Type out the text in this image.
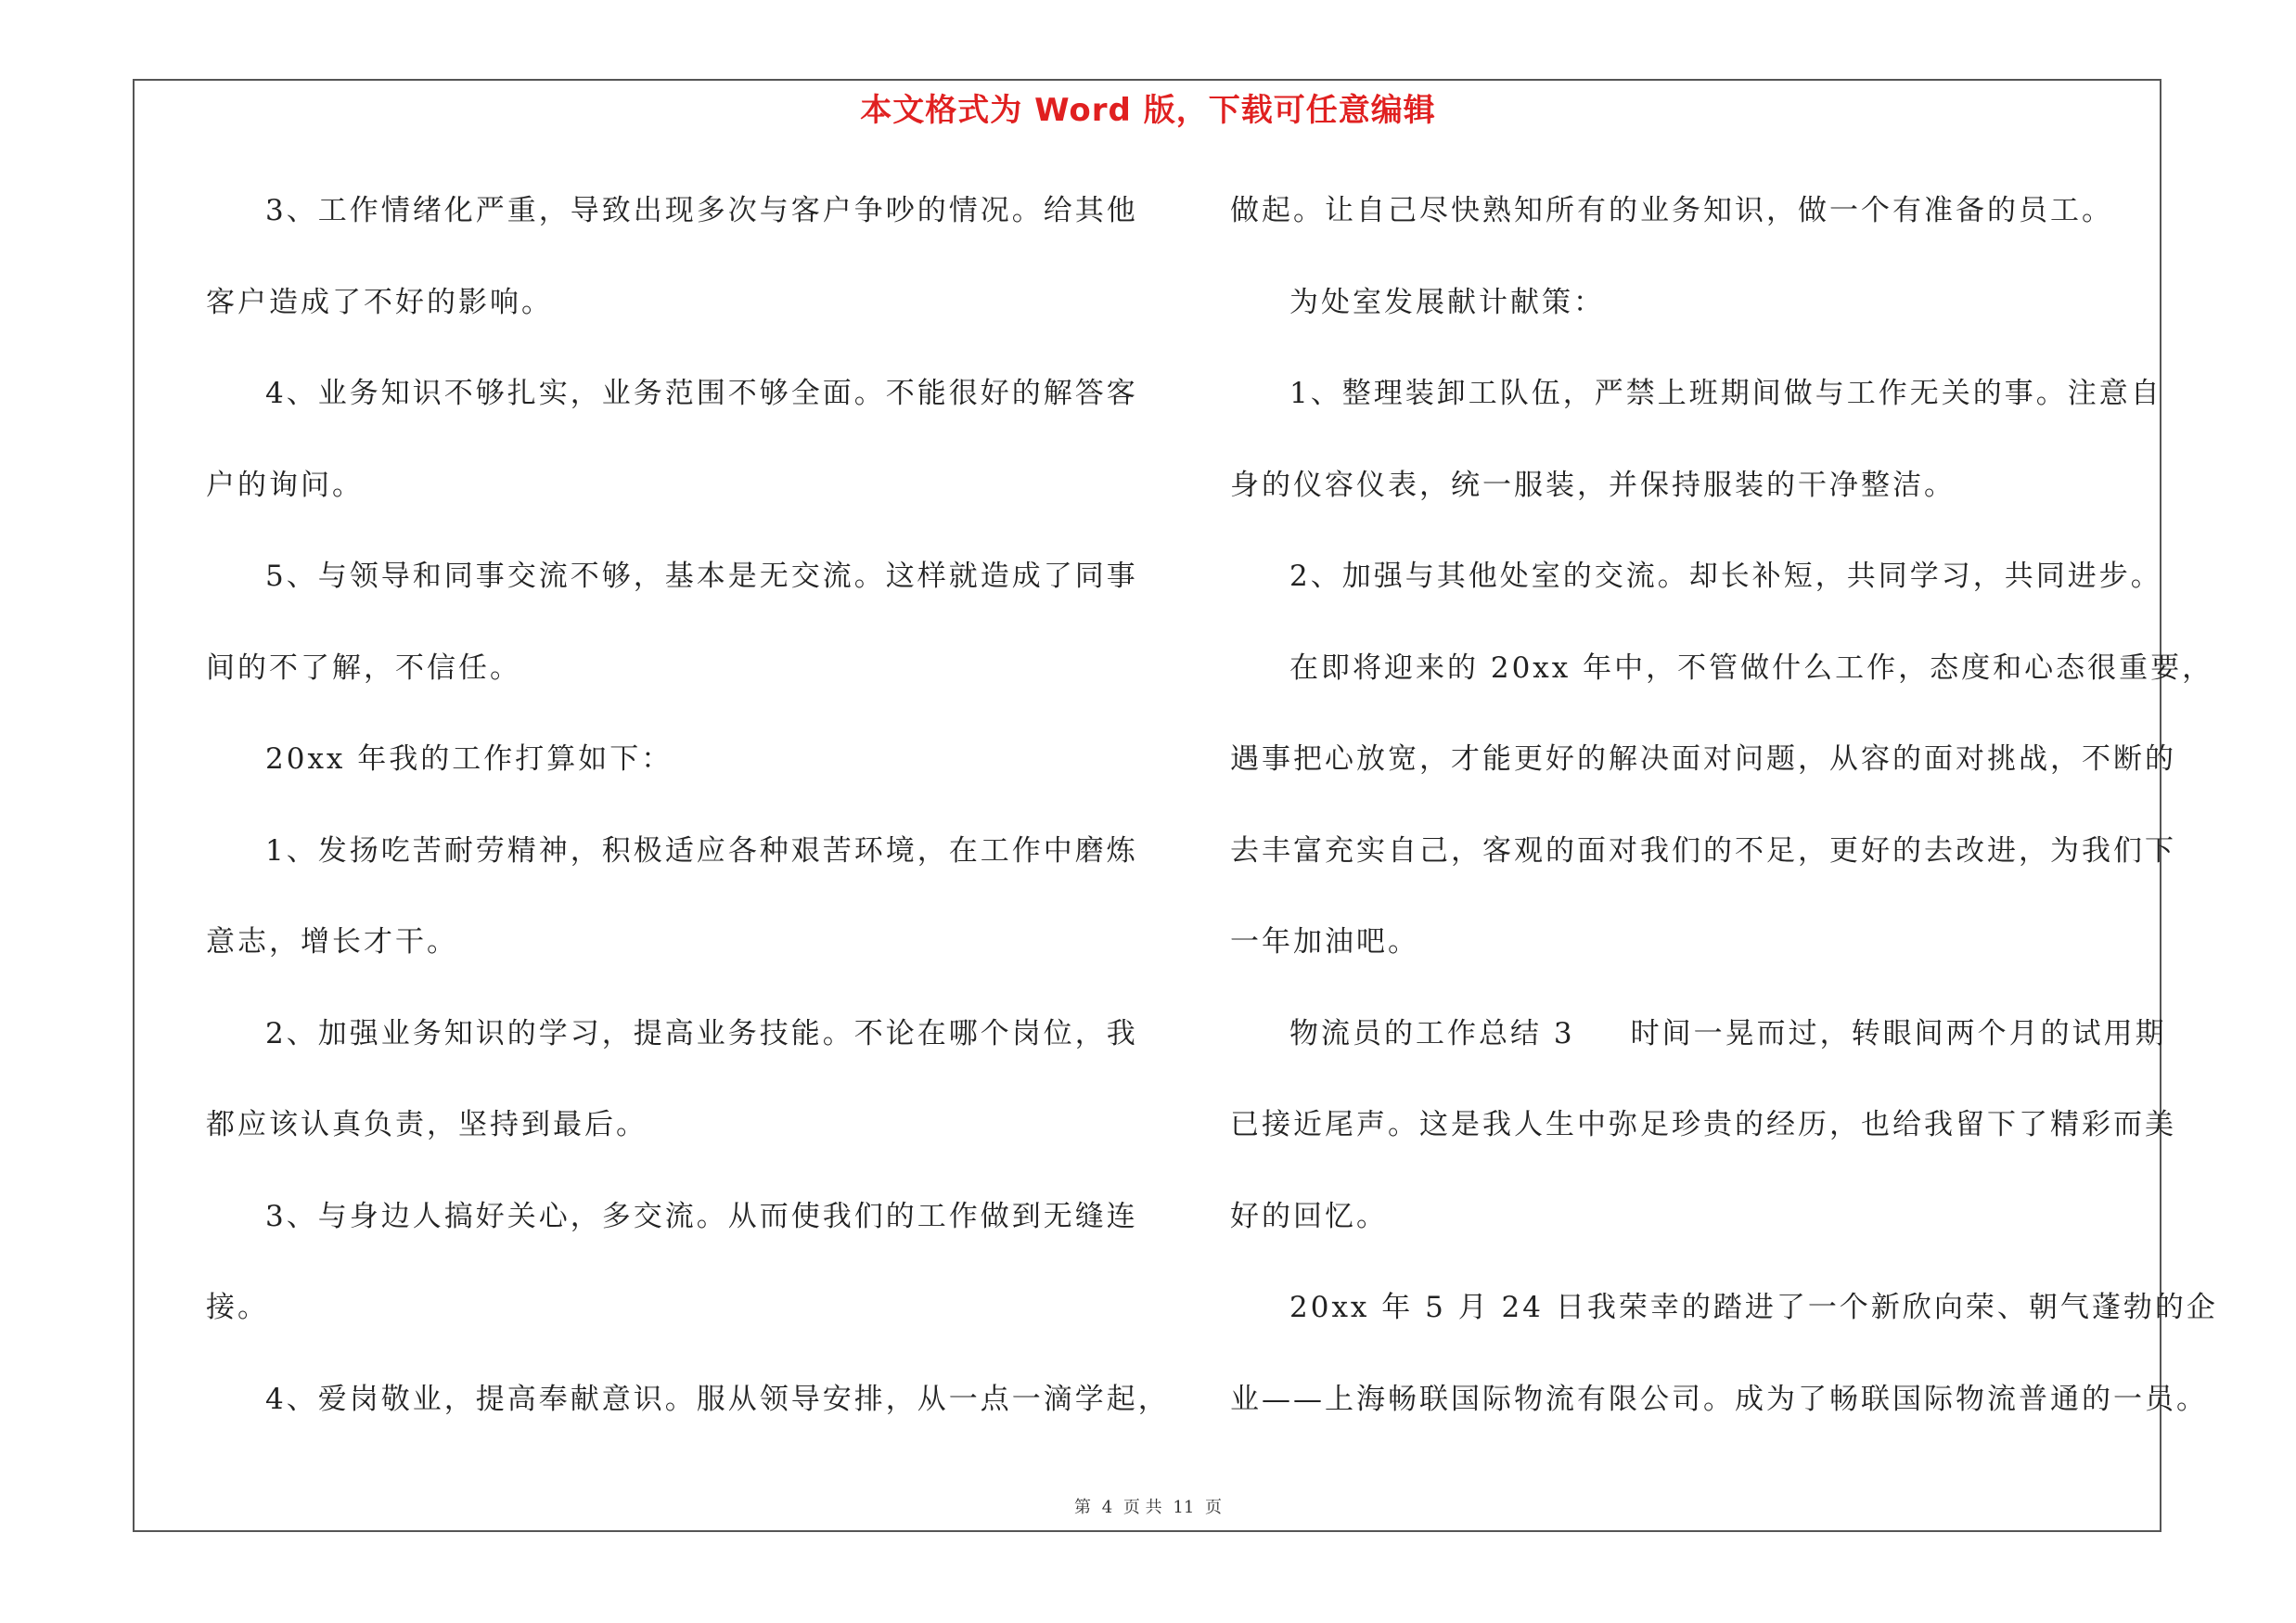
本文格式为 Word 版，下载可任意编辑
3、工作情绪化严重，导致出现多次与客户争吵的情况。给其他
客户造成了不好的影响。
4、业务知识不够扎实，业务范围不够全面。不能很好的解答客
户的询问。
5、与领导和同事交流不够，基本是无交流。这样就造成了同事
间的不了解，不信任。
20xx 年我的工作打算如下：
1、发扬吃苦耐劳精神，积极适应各种艰苦环境，在工作中磨炼
意志，增长才干。
2、加强业务知识的学习，提高业务技能。不论在哪个岗位，我
都应该认真负责，坚持到最后。
3、与身边人搞好关心，多交流。从而使我们的工作做到无缝连
接。
4、爱岗敬业，提高奉献意识。服从领导安排，从一点一滴学起，
做起。让自己尽快熟知所有的业务知识，做一个有准备的员工。
为处室发展献计献策：
1、整理装卸工队伍，严禁上班期间做与工作无关的事。注意自
身的仪容仪表，统一服装，并保持服装的干净整洁。
2、加强与其他处室的交流。却长补短，共同学习，共同进步。
在即将迎来的 20xx 年中，不管做什么工作，态度和心态很重要，
遇事把心放宽，才能更好的解决面对问题，从容的面对挑战，不断的
去丰富充实自己，客观的面对我们的不足，更好的去改进，为我们下
一年加油吧。
物流员的工作总结 3 时间一晃而过，转眼间两个月的试用期
已接近尾声。这是我人生中弥足珍贵的经历，也给我留下了精彩而美
好的回忆。
20xx 年 5 月 24 日我荣幸的踏进了一个新欣向荣、朝气蓬勃的企
业——上海畅联国际物流有限公司。成为了畅联国际物流普通的一员。
第 4 页 共 11 页
